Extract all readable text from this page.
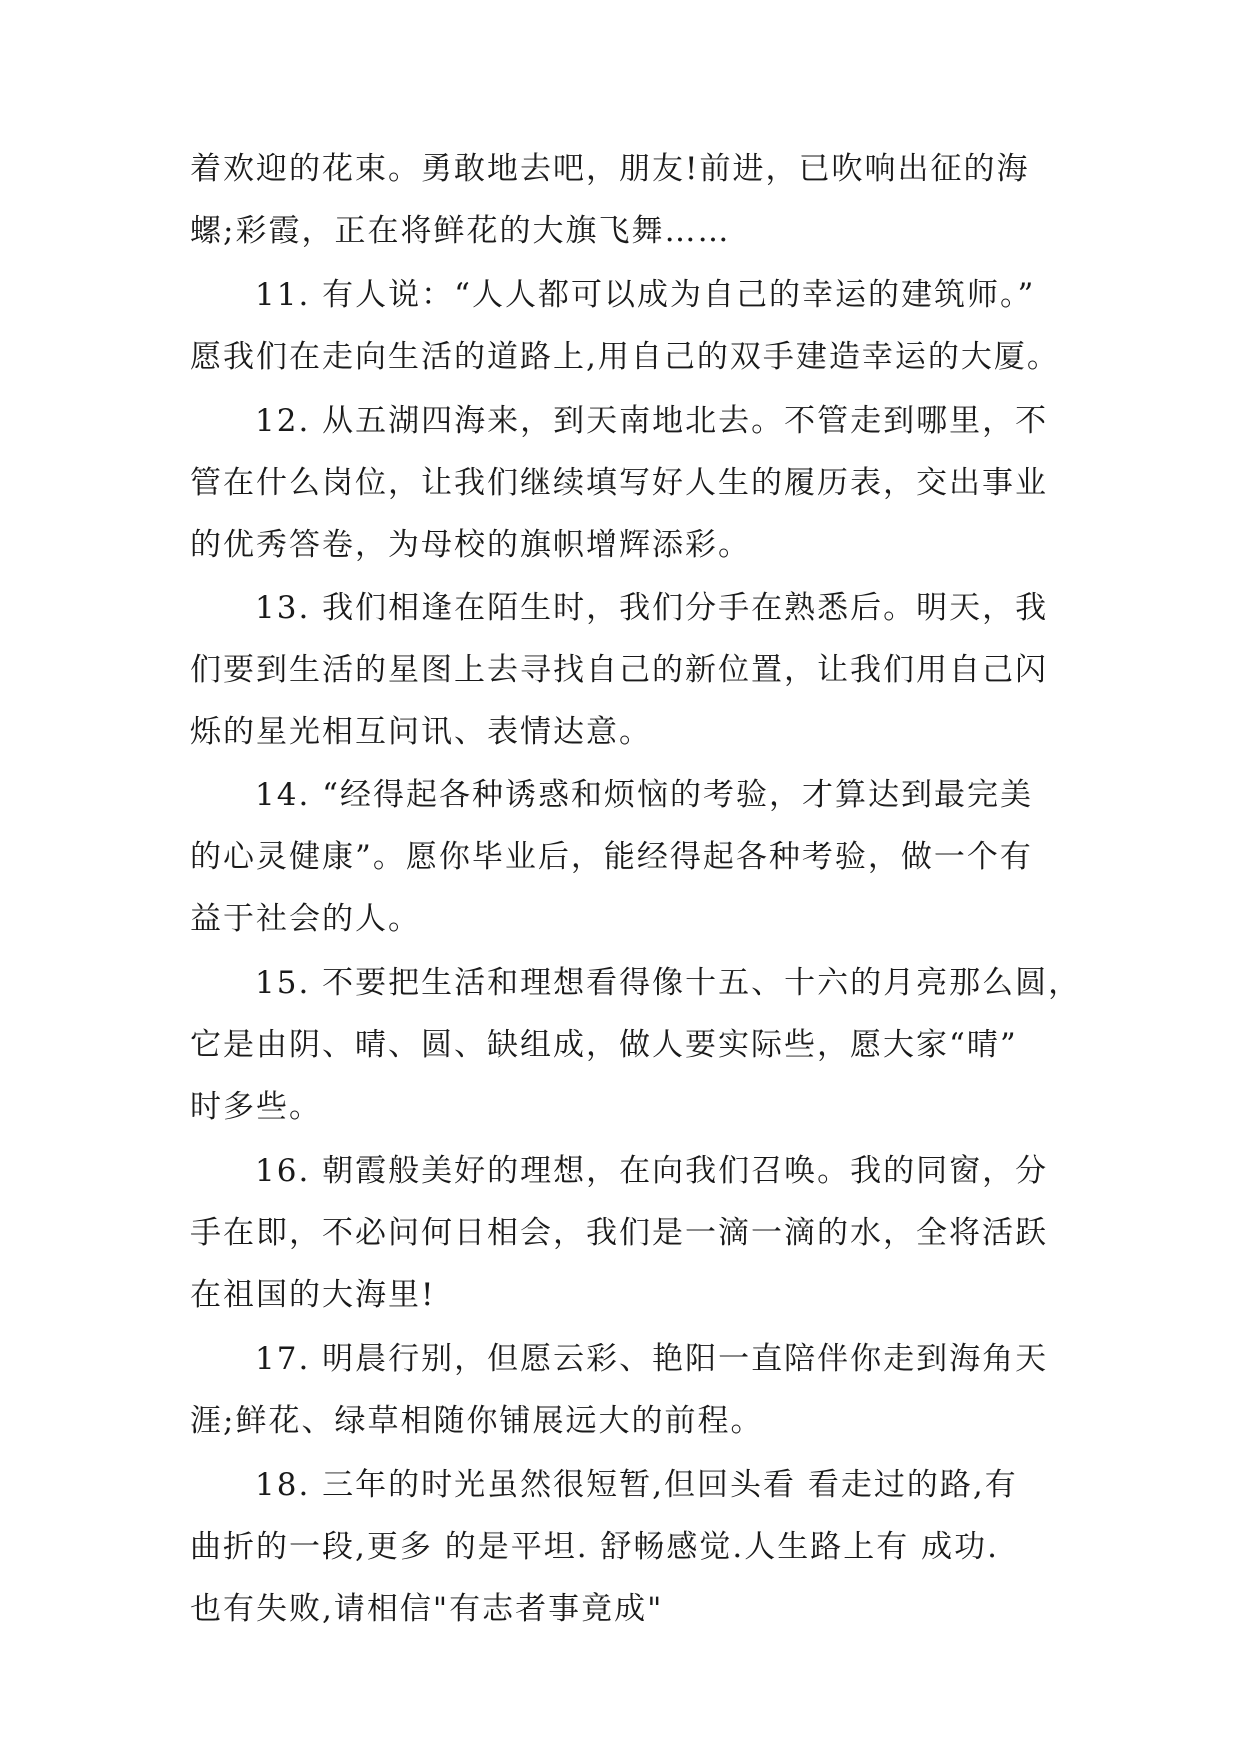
着欢迎的花束。勇敢地去吧，朋友!前进，已吹响出征的海
螺;彩霞，正在将鲜花的大旗飞舞……
11. 有人说：“人人都可以成为自己的幸运的建筑师。”
愿我们在走向生活的道路上,用自己的双手建造幸运的大厦。
12. 从五湖四海来，到天南地北去。不管走到哪里，不
管在什么岗位，让我们继续填写好人生的履历表，交出事业
的优秀答卷，为母校的旗帜增辉添彩。
13. 我们相逢在陌生时，我们分手在熟悉后。明天，我
们要到生活的星图上去寻找自己的新位置，让我们用自己闪
烁的星光相互问讯、表情达意。
14. “经得起各种诱惑和烦恼的考验，才算达到最完美
的心灵健康”。愿你毕业后，能经得起各种考验，做一个有
益于社会的人。
15. 不要把生活和理想看得像十五、十六的月亮那么圆，
它是由阴、晴、圆、缺组成，做人要实际些，愿大家“晴”
时多些。
16. 朝霞般美好的理想，在向我们召唤。我的同窗，分
手在即，不必问何日相会，我们是一滴一滴的水，全将活跃
在祖国的大海里!
17. 明晨行别，但愿云彩、艳阳一直陪伴你走到海角天
涯;鲜花、绿草相随你铺展远大的前程。
18. 三年的时光虽然很短暂,但回头看 看走过的路,有
曲折的一段,更多 的是平坦. 舒畅感觉.人生路上有 成功.
也有失败,请相信"有志者事竟成"
